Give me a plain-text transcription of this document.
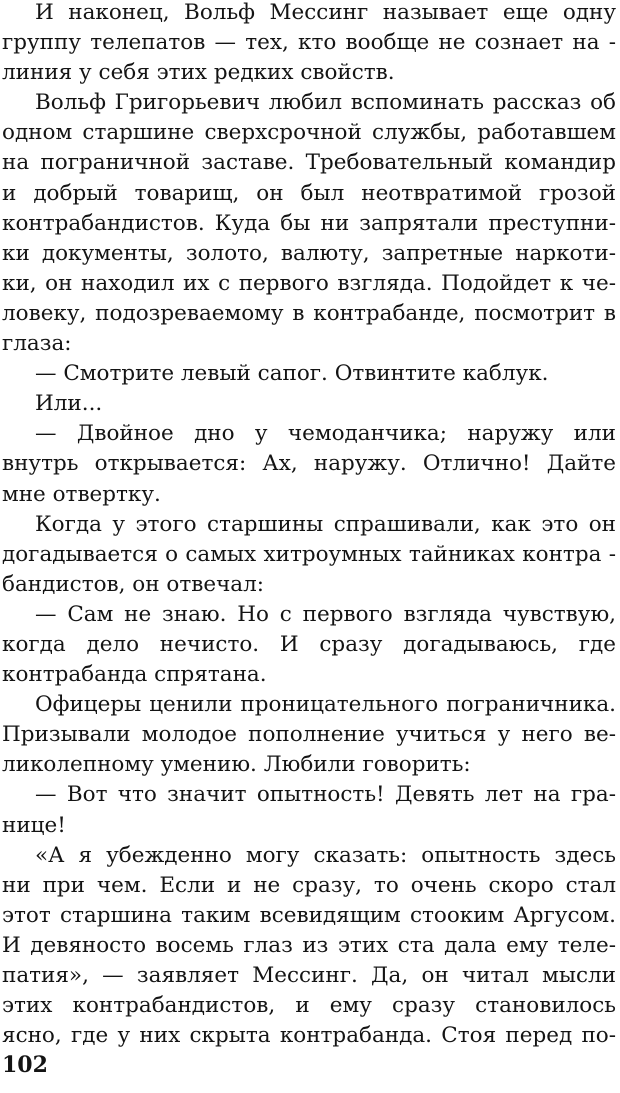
И наконец, Вольф Мессинг называет еще одну
группу телепатов — тех, кто вообще не сознает на -
линия у себя этих редких свойств.
Вольф Григорьевич любил вспоминать рассказ об
одном старшине сверхсрочной службы, работавшем
на пограничной заставе. Требовательный командир
и добрый товарищ, он был неотвратимой грозой
контрабандистов. Куда бы ни запрятали преступни-
ки документы, золото, валюту, запретные наркоти-
ки, он находил их с первого взгляда. Подойдет к че-
ловеку, подозреваемому в контрабанде, посмотрит в
глаза:
— Смотрите левый сапог. Отвинтите каблук.
Или...
— Двойное дно у чемоданчика; наружу или
внутрь открывается: Ах, наружу. Отлично! Дайте
мне отвертку.
Когда у этого старшины спрашивали, как это он
догадывается о самых хитроумных тайниках контра -
бандистов, он отвечал:
— Сам не знаю. Но с первого взгляда чувствую,
когда дело нечисто. И сразу догадываюсь, где
контрабанда спрятана.
Офицеры ценили проницательного пограничника.
Призывали молодое пополнение учиться у него ве-
ликолепному умению. Любили говорить:
— Вот что значит опытность! Девять лет на гра-
нице!
«А я убежденно могу сказать: опытность здесь
ни при чем. Если и не сразу, то очень скоро стал
этот старшина таким всевидящим стооким Аргусом.
И девяносто восемь глаз из этих ста дала ему теле-
патия», — заявляет Мессинг. Да, он читал мысли
этих контрабандистов, и ему сразу становилось
ясно, где у них скрыта контрабанда. Стоя перед по-
102
